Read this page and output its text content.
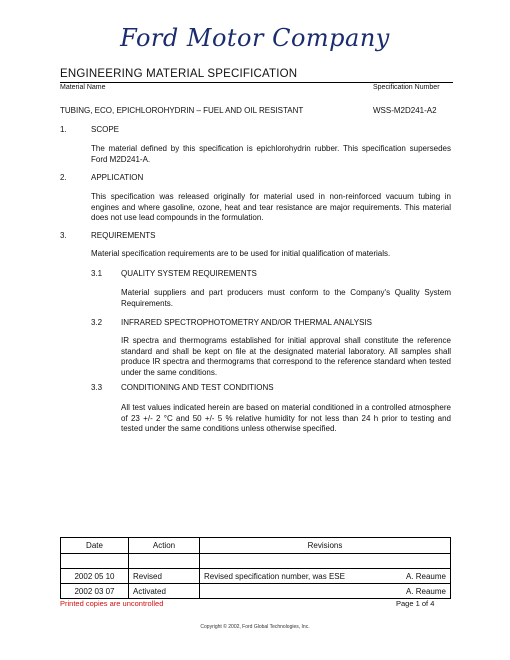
Ford Motor Company
ENGINEERING MATERIAL SPECIFICATION
Material Name	Specification Number
TUBING, ECO, EPICHLOROHYDRIN – FUEL AND OIL RESISTANT	WSS-M2D241-A2
1.	SCOPE
The material defined by this specification is epichlorohydrin rubber. This specification supersedes Ford M2D241-A.
2.	APPLICATION
This specification was released originally for material used in non-reinforced vacuum tubing in engines and where gasoline, ozone, heat and tear resistance are major requirements. This material does not use lead compounds in the formulation.
3.	REQUIREMENTS
Material specification requirements are to be used for initial qualification of materials.
3.1 QUALITY SYSTEM REQUIREMENTS
Material suppliers and part producers must conform to the Company's Quality System Requirements.
3.2 INFRARED SPECTROPHOTOMETRY AND/OR THERMAL ANALYSIS
IR spectra and thermograms established for initial approval shall constitute the reference standard and shall be kept on file at the designated material laboratory. All samples shall produce IR spectra and thermograms that correspond to the reference standard when tested under the same conditions.
3.3 CONDITIONING AND TEST CONDITIONS
All test values indicated herein are based on material conditioned in a controlled atmosphere of 23 +/- 2 °C and 50 +/- 5 % relative humidity for not less than 24 h prior to testing and tested under the same conditions unless otherwise specified.
Date	Action	Revisions

2002 05 10	Revised	Revised specification number, was ESE A. Reaume

2002 03 07	Activated	A. Reaume
Printed copies are uncontrolled	Page 1 of 4
Copyright © 2002, Ford Global Technologies, Inc.
